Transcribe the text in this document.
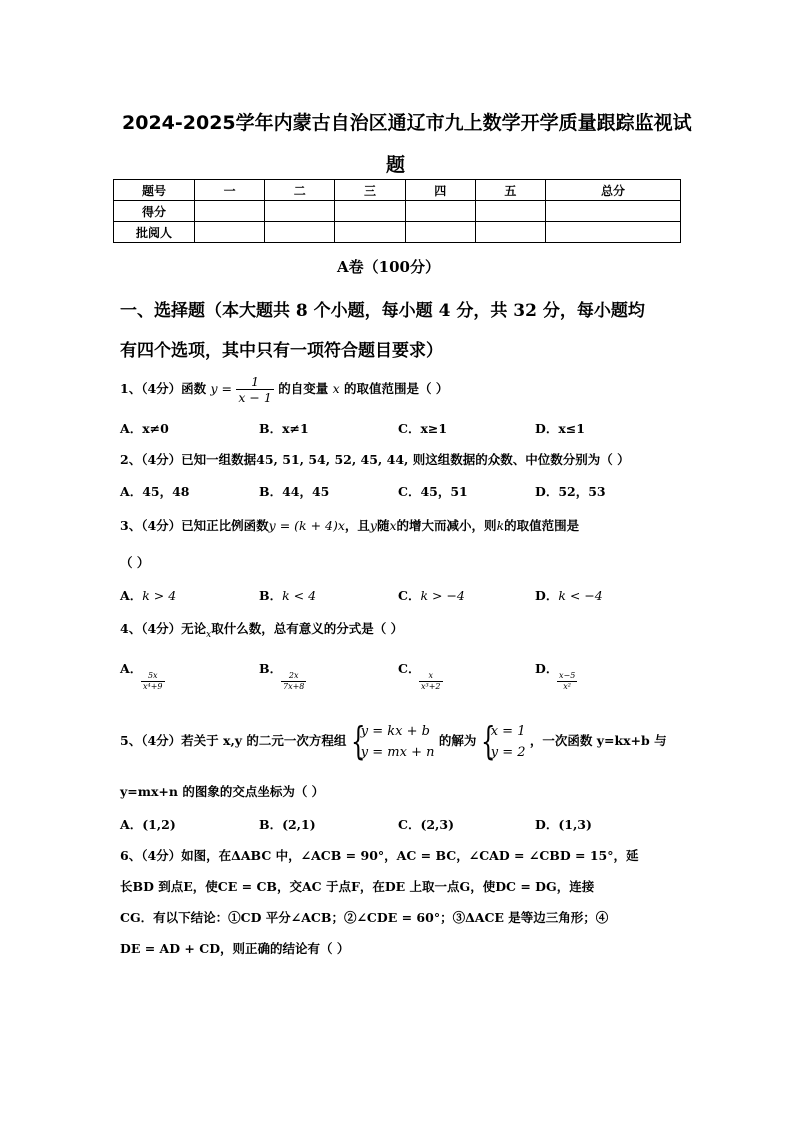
2024-2025学年内蒙古自治区通辽市九上数学开学质量跟踪监视试
题
题号	一	二	三	四	五	总分
得分						
批阅人						
A卷（100分）
一、选择题（本大题共 8 个小题，每小题 4 分，共 32 分，每小题均
有四个选项，其中只有一项符合题目要求）
1、（4分）函数 $y = \frac{1}{x - 1}$ 的自变量 x 的取值范围是（ ）
A．x≠0	B．x≠1	C．x≥1	D．x≤1
2、（4分）已知一组数据45, 51, 54, 52, 45, 44, 则这组数据的众数、中位数分别为（ ）
A．45，48	B．44，45	C．45，51	D．52，53
3、（4分）已知正比例函数y = (k + 4)x，且y随x的增大而减小，则k的取值范围是
（ ）
A．k > 4	B．k < 4	C．k > −4	D．k < −4
4、（4分）无论$_x$取什么数，总有意义的分式是（ ）
A．
$\frac{5x}{\text{x⁴+9}}$
B．
$\frac{2x}{7x+8}$
C．
$\frac{x}{\text{x³+2}}$
D．
$\frac{x-5}{\text{x²}}$
5、（4分）若关于 x,y 的二元一次方程组 {
y = kx + b
y = mx + n
的解为 {
x = 1
y = 2
，一次函数 y=kx+b 与
y=mx+n 的图象的交点坐标为（ ）
A．(1,2)	B．(2,1)	C．(2,3)	D．(1,3)
6、（4分）如图，在ΔABC 中，∠ACB = 90°，AC = BC，∠CAD = ∠CBD = 15°，延
长BD 到点E，使CE = CB，交AC 于点F，在DE 上取一点G，使DC = DG，连接
CG．有以下结论：①CD 平分∠ACB；②∠CDE = 60°；③ΔACE 是等边三角形；④
DE = AD + CD，则正确的结论有（ ）
